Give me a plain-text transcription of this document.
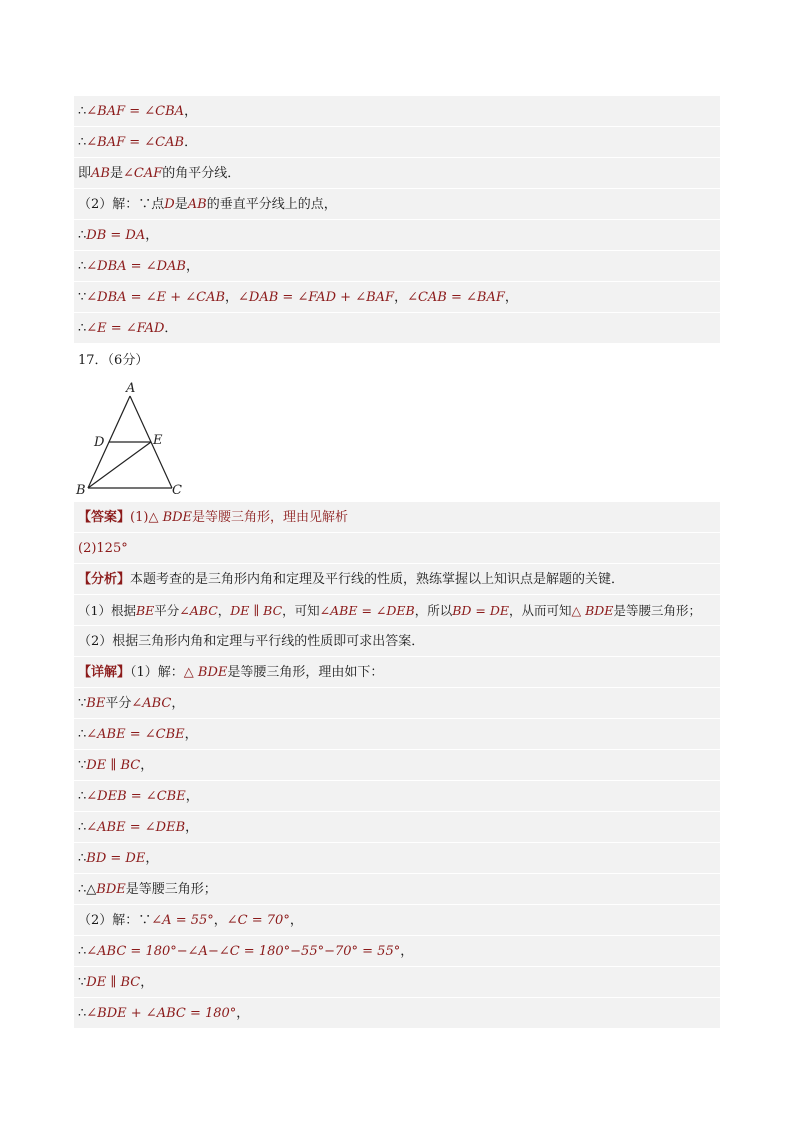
∴∠BAF = ∠CBA，
∴∠BAF = ∠CAB．
即AB是∠CAF的角平分线．
（2）解：∵点D是AB的垂直平分线上的点，
∴DB = DA，
∴∠DBA = ∠DAB，
∵∠DBA = ∠E + ∠CAB，∠DAB = ∠FAD + ∠BAF，∠CAB = ∠BAF，
∴∠E = ∠FAD．
17．（6分）
A
B	C
D	E
【答案】(1)△ BDE是等腰三角形，理由见解析
(2)125°
【分析】本题考查的是三角形内角和定理及平行线的性质，熟练掌握以上知识点是解题的关键．
（1）根据BE平分∠ABC，DE ∥ BC，可知∠ABE = ∠DEB，所以BD = DE，从而可知△ BDE是等腰三角形；
（2）根据三角形内角和定理与平行线的性质即可求出答案．
【详解】（1）解：△ BDE是等腰三角形，理由如下：
∵BE平分∠ABC，
∴∠ABE = ∠CBE，
∵DE ∥ BC，
∴∠DEB = ∠CBE，
∴∠ABE = ∠DEB，
∴BD = DE，
∴△BDE是等腰三角形；
（2）解：∵∠A = 55°，∠C = 70°，
∴∠ABC = 180°−∠A−∠C = 180°−55°−70° = 55°，
∵DE ∥ BC，
∴∠BDE + ∠ABC = 180°，
